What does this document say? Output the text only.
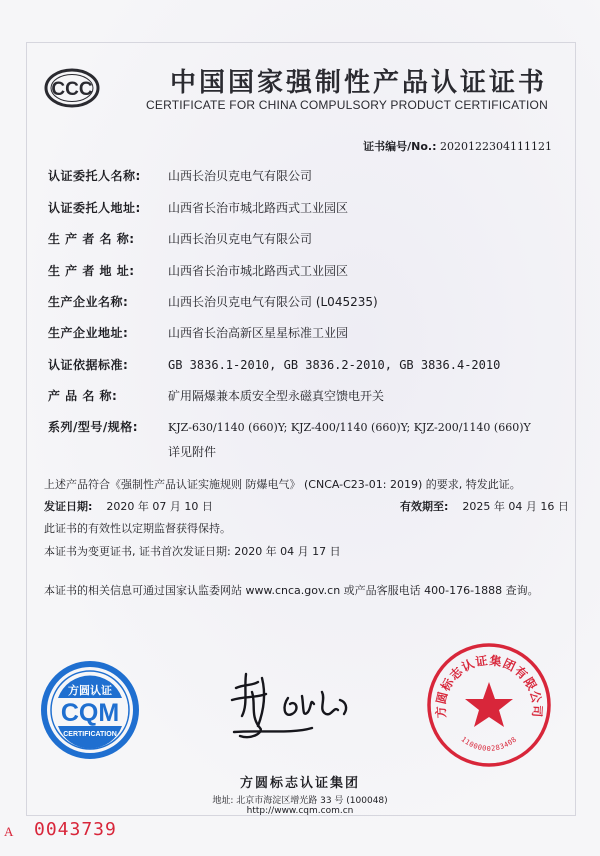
CCC	中国国家强制性产品认证证书
CERTIFICATE FOR CHINA COMPULSORY PRODUCT CERTIFICATION
证书编号/No.: 2020122304111121
认证委托人名称: 山西长治贝克电气有限公司
认证委托人地址: 山西省长治市城北路西式工业园区
生 产 者 名 称:	山西长治贝克电气有限公司
生 产 者 地 址:	山西省长治市城北路西式工业园区
生产企业名称:	山西长治贝克电气有限公司 (L045235)
生产企业地址:	山西省长治高新区星星标准工业园
认证依据标准:	GB 3836.1-2010, GB 3836.2-2010, GB 3836.4-2010
产 品 名 称:	矿用隔爆兼本质安全型永磁真空馈电开关
系列/型号/规格:	KJZ-630/1140 (660)Y; KJZ-400/1140 (660)Y; KJZ-200/1140 (660)Y
详见附件
上述产品符合《强制性产品认证实施规则 防爆电气》 (CNCA-C23-01: 2019) 的要求, 特发此证。
发证日期: 2020 年 07 月 10 日	有效期至: 2025 年 04 月 16 日
此证书的有效性以定期监督获得保持。
本证书为变更证书, 证书首次发证日期: 2020 年 04 月 17 日
本证书的相关信息可通过国家认监委网站 www.cnca.gov.cn 或产品客服电话 400-176-1888 查询。
方圆认证
CQM
CERTIFICATION
方圆标志认证集团有限公司
1100000283408
方圆标志认证集团
地址: 北京市海淀区增光路 33 号 (100048)
http://www.cqm.com.cn
A 0043739
